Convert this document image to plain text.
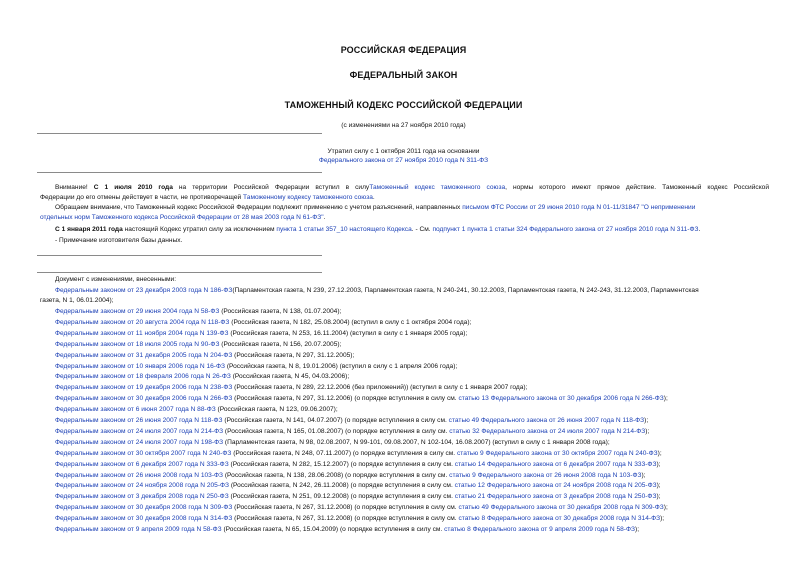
РОССИЙСКАЯ ФЕДЕРАЦИЯ
ФЕДЕРАЛЬНЫЙ ЗАКОН
ТАМОЖЕННЫЙ КОДЕКС РОССИЙСКОЙ ФЕДЕРАЦИИ
(с изменениями на 27 ноября 2010 года)
Утратил силу с 1 октября 2011 года на основании
Федерального закона от 27 ноября 2010 года N 311-ФЗ
Внимание! С 1 июля 2010 года на территории Российской Федерации вступил в силуТаможенный кодекс таможенного союза, нормы которого имеют прямое действие. Таможенный кодекс Российской
Федерации до его отмены действует в части, не противоречащей Таможенному кодексу таможенного союза.
Обращаем внимание, что Таможенный кодекс Российской Федерации подлежит применению с учетом разъяснений, направленных письмом ФТС России от 29 июня 2010 года N 01-11/31847 "О неприменении
отдельных норм Таможенного кодекса Российской Федерации от 28 мая 2003 года N 61-ФЗ".
С 1 января 2011 года настоящий Кодекс утратил силу за исключением пункта 1 статьи 357_10 настоящего Кодекса. - См. подпункт 1 пункта 1 статьи 324 Федерального закона от 27 ноября 2010 года N 311-ФЗ.
- Примечание изготовителя базы данных.
Документ с изменениями, внесенными:
Федеральным законом от 23 декабря 2003 года N 186-ФЗ(Парламентская газета, N 239, 27.12.2003, Парламентская газета, N 240-241, 30.12.2003, Парламентская газета, N 242-243, 31.12.2003, Парламентская
газета, N 1, 06.01.2004);
Федеральным законом от 29 июня 2004 года N 58-ФЗ (Российская газета, N 138, 01.07.2004);
Федеральным законом от 20 августа 2004 года N 118-ФЗ (Российская газета, N 182, 25.08.2004) (вступил в силу с 1 октября 2004 года);
Федеральным законом от 11 ноября 2004 года N 139-ФЗ (Российская газета, N 253, 16.11.2004) (вступил в силу с 1 января 2005 года);
Федеральным законом от 18 июля 2005 года N 90-ФЗ (Российская газета, N 156, 20.07.2005);
Федеральным законом от 31 декабря 2005 года N 204-ФЗ (Российская газета, N 297, 31.12.2005);
Федеральным законом от 10 января 2006 года N 16-ФЗ (Российская газета, N 8, 19.01.2006) (вступил в силу с 1 апреля 2006 года);
Федеральным законом от 18 февраля 2006 года N 26-ФЗ (Российская газета, N 45, 04.03.2006);
Федеральным законом от 19 декабря 2006 года N 238-ФЗ (Российская газета, N 289, 22.12.2006 (без приложений)) (вступил в силу с 1 января 2007 года);
Федеральным законом от 30 декабря 2006 года N 266-ФЗ (Российская газета, N 297, 31.12.2006) (о порядке вступления в силу см. статью 13 Федерального закона от 30 декабря 2006 года N 266-ФЗ);
Федеральным законом от 6 июня 2007 года N 88-ФЗ (Российская газета, N 123, 09.06.2007);
Федеральным законом от 26 июня 2007 года N 118-ФЗ (Российская газета, N 141, 04.07.2007) (о порядке вступления в силу см. статью 49 Федерального закона от 26 июня 2007 года N 118-ФЗ);
Федеральным законом от 24 июля 2007 года N 214-ФЗ (Российская газета, N 165, 01.08.2007) (о порядке вступления в силу см. статью 32 Федерального закона от 24 июля 2007 года N 214-ФЗ);
Федеральным законом от 24 июля 2007 года N 198-ФЗ (Парламентская газета, N 98, 02.08.2007, N 99-101, 09.08.2007, N 102-104, 16.08.2007) (вступил в силу с 1 января 2008 года);
Федеральным законом от 30 октября 2007 года N 240-ФЗ (Российская газета, N 248, 07.11.2007) (о порядке вступления в силу см. статью 9 Федерального закона от 30 октября 2007 года N 240-ФЗ);
Федеральным законом от 6 декабря 2007 года N 333-ФЗ (Российская газета, N 282, 15.12.2007) (о порядке вступления в силу см. статью 14 Федерального закона от 6 декабря 2007 года N 333-ФЗ);
Федеральным законом от 26 июня 2008 года N 103-ФЗ (Российская газета, N 138, 28.06.2008) (о порядке вступления в силу см. статью 9 Федерального закона от 26 июня 2008 года N 103-ФЗ);
Федеральным законом от 24 ноября 2008 года N 205-ФЗ (Российская газета, N 242, 26.11.2008) (о порядке вступления в силу см. статью 12 Федерального закона от 24 ноября 2008 года N 205-ФЗ);
Федеральным законом от 3 декабря 2008 года N 250-ФЗ (Российская газета, N 251, 09.12.2008) (о порядке вступления в силу см. статью 21 Федерального закона от 3 декабря 2008 года N 250-ФЗ);
Федеральным законом от 30 декабря 2008 года N 309-ФЗ (Российская газета, N 267, 31.12.2008) (о порядке вступления в силу см. статью 49 Федерального закона от 30 декабря 2008 года N 309-ФЗ);
Федеральным законом от 30 декабря 2008 года N 314-ФЗ (Российская газета, N 267, 31.12.2008) (о порядке вступления в силу см. статью 8 Федерального закона от 30 декабря 2008 года N 314-ФЗ);
Федеральным законом от 9 апреля 2009 года N 58-ФЗ (Российская газета, N 65, 15.04.2009) (о порядке вступления в силу см. статью 8 Федерального закона от 9 апреля 2009 года N 58-ФЗ);
